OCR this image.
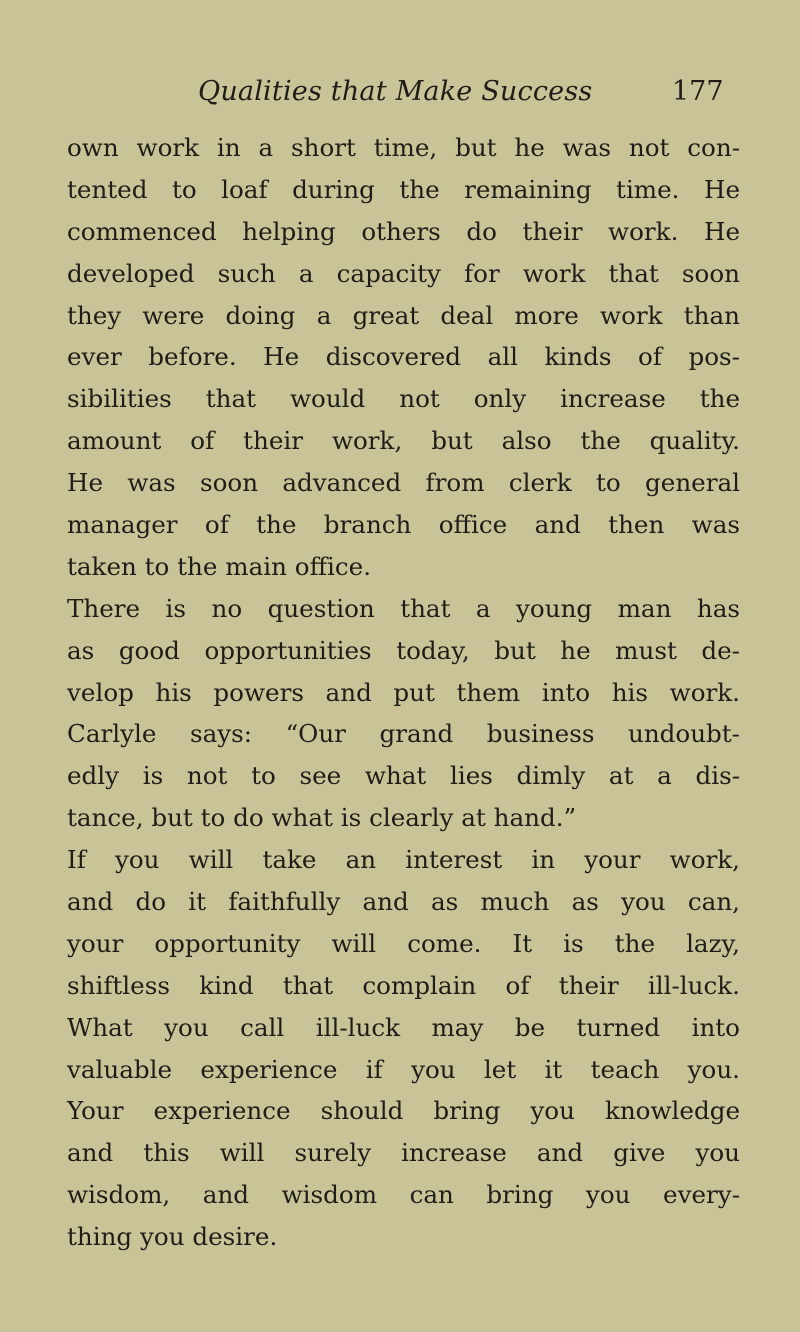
Qualities that Make Success	177
own work in a short time, but he was not con-
tented to loaf during the remaining time. He
commenced helping others do their work. He
developed such a capacity for work that soon
they were doing a great deal more work than
ever before. He discovered all kinds of pos-
sibilities that would not only increase the
amount of their work, but also the quality.
He was soon advanced from clerk to general
manager of the branch office and then was
taken to the main office.
There is no question that a young man has
as good opportunities today, but he must de-
velop his powers and put them into his work.
Carlyle says: “Our grand business undoubt-
edly is not to see what lies dimly at a dis-
tance, but to do what is clearly at hand.”
If you will take an interest in your work,
and do it faithfully and as much as you can,
your opportunity will come. It is the lazy,
shiftless kind that complain of their ill-luck.
What you call ill-luck may be turned into
valuable experience if you let it teach you.
Your experience should bring you knowledge
and this will surely increase and give you
wisdom, and wisdom can bring you every-
thing you desire.
